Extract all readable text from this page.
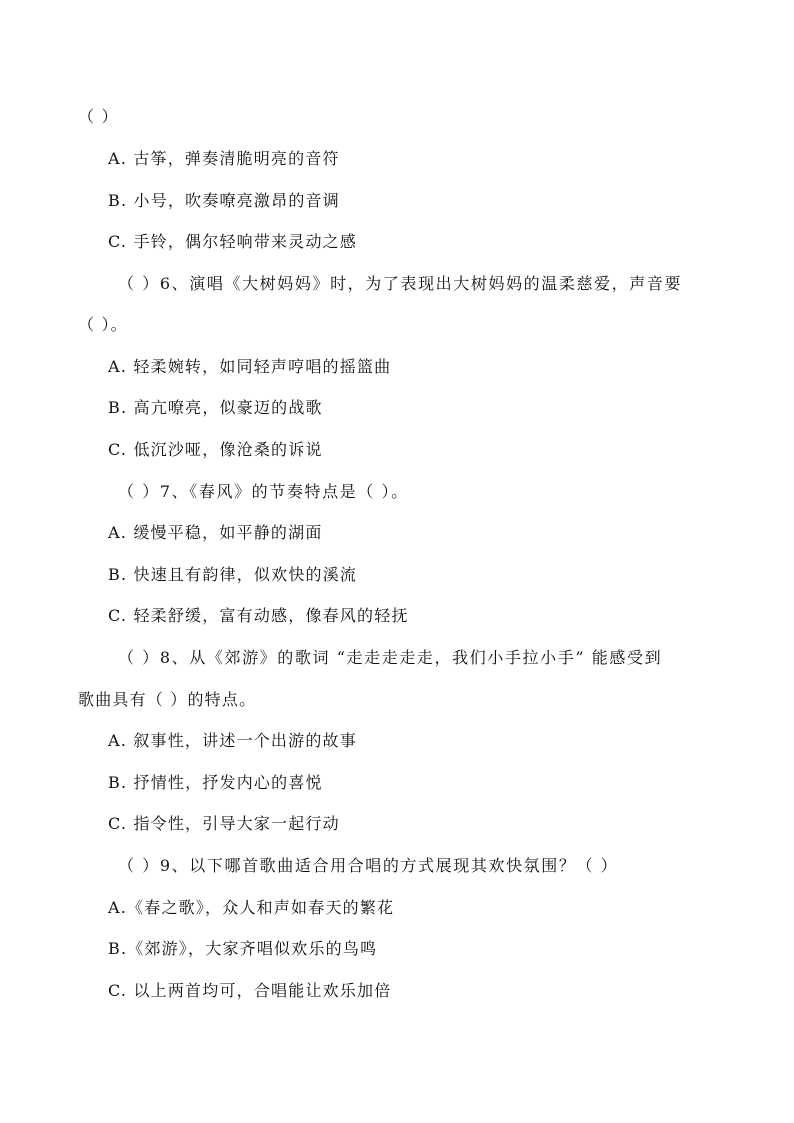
（ ）
A. 古筝，弹奏清脆明亮的音符
B. 小号，吹奏嘹亮激昂的音调
C. 手铃，偶尔轻响带来灵动之感
（ ）6、演唱《大树妈妈》时，为了表现出大树妈妈的温柔慈爱，声音要
（ ）。
A. 轻柔婉转，如同轻声哼唱的摇篮曲
B. 高亢嘹亮，似豪迈的战歌
C. 低沉沙哑，像沧桑的诉说
（ ）7、《春风》的节奏特点是（ ）。
A. 缓慢平稳，如平静的湖面
B. 快速且有韵律，似欢快的溪流
C. 轻柔舒缓，富有动感，像春风的轻抚
（ ）8、从《郊游》的歌词 “走走走走走，我们小手拉小手” 能感受到
歌曲具有（ ）的特点。
A. 叙事性，讲述一个出游的故事
B. 抒情性，抒发内心的喜悦
C. 指令性，引导大家一起行动
（ ）9、以下哪首歌曲适合用合唱的方式展现其欢快氛围？（ ）
A.《春之歌》，众人和声如春天的繁花
B.《郊游》，大家齐唱似欢乐的鸟鸣
C. 以上两首均可，合唱能让欢乐加倍
